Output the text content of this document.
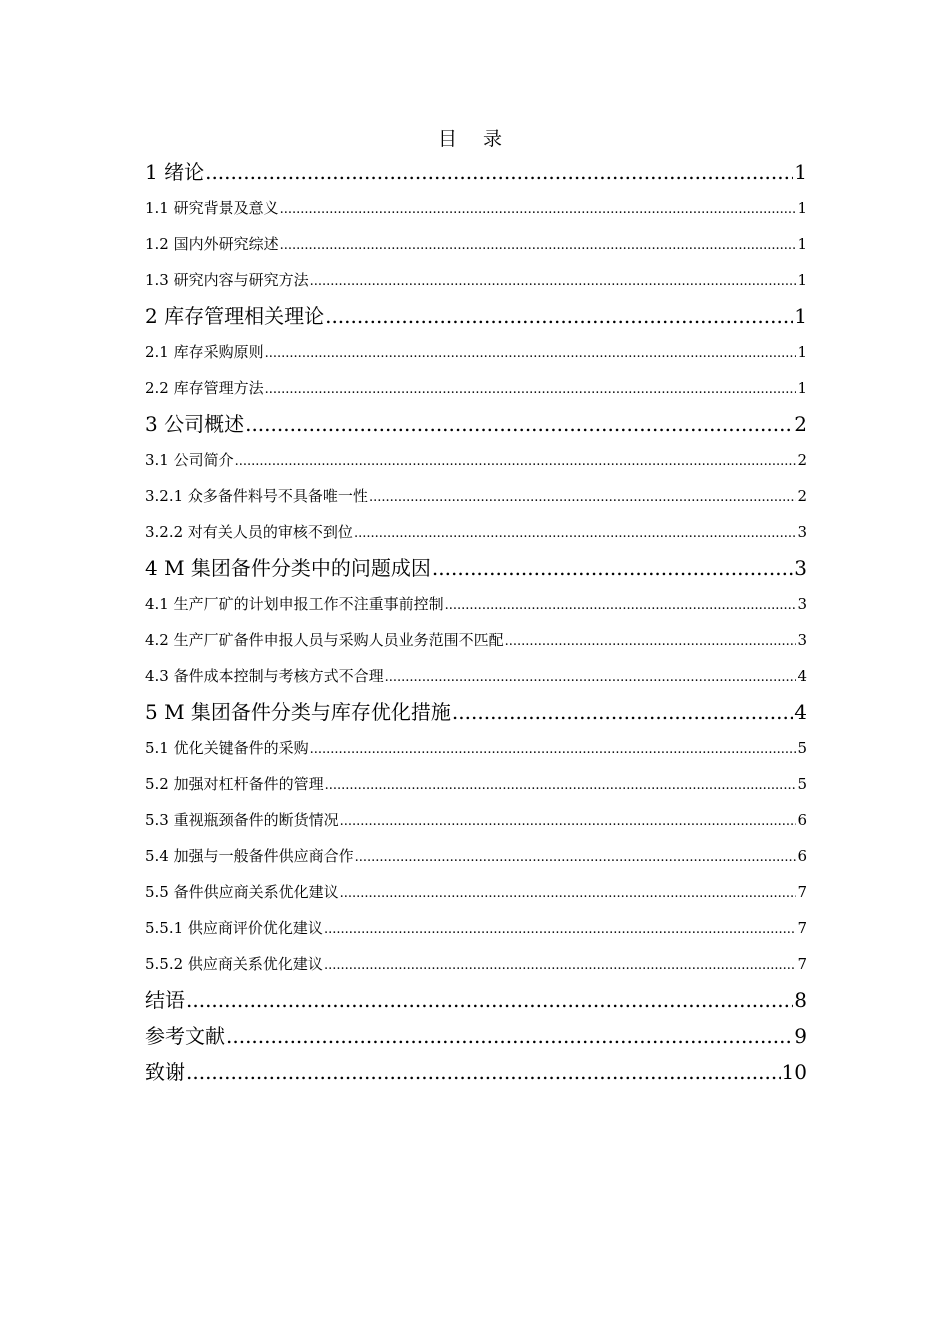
目 录
1 绪论 .....	1
1.1 研究背景及意义 .....	1
1.2 国内外研究综述 .....	1
1.3 研究内容与研究方法 .....	1
2 库存管理相关理论 .....	1
2.1 库存采购原则 .....	1
2.2 库存管理方法 .....	1
3 公司概述 .....	2
3.1 公司简介 .....	2
3.2.1 众多备件料号不具备唯一性 .....	2
3.2.2 对有关人员的审核不到位 .....	3
4 M 集团备件分类中的问题成因 .....	3
4.1 生产厂矿的计划申报工作不注重事前控制 .....	3
4.2 生产厂矿备件申报人员与采购人员业务范围不匹配 .....	3
4.3 备件成本控制与考核方式不合理 .....	4
5 M 集团备件分类与库存优化措施 .....	4
5.1 优化关键备件的采购 .....	5
5.2 加强对杠杆备件的管理 .....	5
5.3 重视瓶颈备件的断货情况 .....	6
5.4 加强与一般备件供应商合作 .....	6
5.5 备件供应商关系优化建议 .....	7
5.5.1 供应商评价优化建议 .....	7
5.5.2 供应商关系优化建议 .....	7
结语 .....	8
参考文献 .....	9
致谢 .....	10
